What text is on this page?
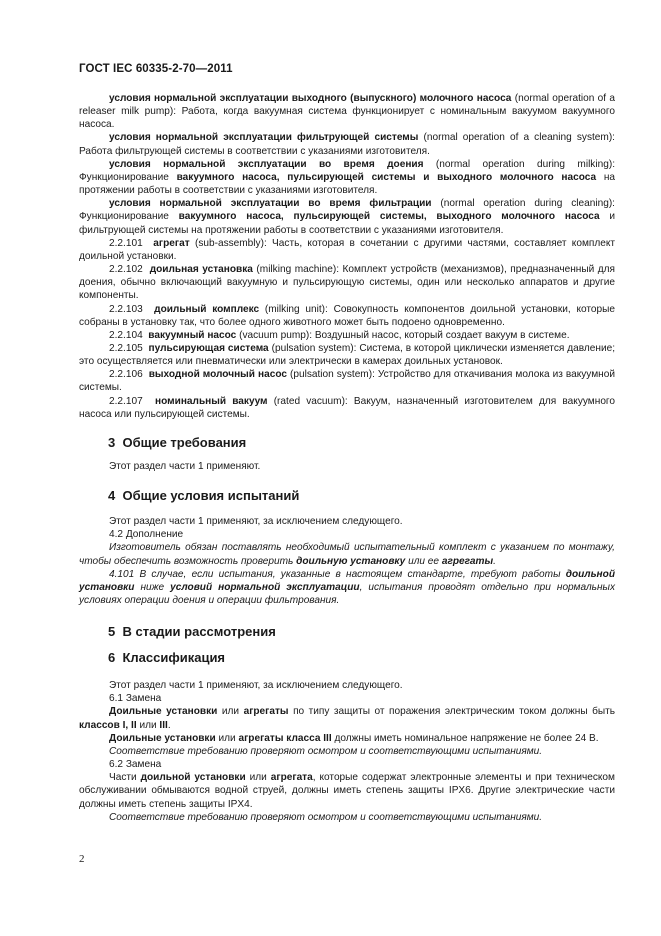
ГОСТ IEC 60335-2-70—2011

условия нормальной эксплуатации выходного (выпускного) молочного насоса (normal operation of a releaser milk pump): Работа, когда вакуумная система функционирует с номинальным вакуумом вакуумного насоса.

условия нормальной эксплуатации фильтрующей системы (normal operation of a cleaning system): Работа фильтрующей системы в соответствии с указаниями изготовителя.

условия нормальной эксплуатации во время доения (normal operation during milking): Функционирование вакуумного насоса, пульсирующей системы и выходного молочного насоса на протяжении работы в соответствии с указаниями изготовителя.

условия нормальной эксплуатации во время фильтрации (normal operation during cleaning): Функционирование вакуумного насоса, пульсирующей системы, выходного молочного насоса и фильтрующей системы на протяжении работы в соответствии с указаниями изготовителя.

2.2.101 агрегат (sub-assembly): Часть, которая в сочетании с другими частями, составляет комплект доильной установки.

2.2.102 доильная установка (milking machine): Комплект устройств (механизмов), предназначенный для доения, обычно включающий вакуумную и пульсирующую системы, один или несколько аппаратов и другие компоненты.

2.2.103 доильный комплекс (milking unit): Совокупность компонентов доильной установки, которые собраны в установку так, что более одного животного может быть подоено одновременно.

2.2.104 вакуумный насос (vacuum pump): Воздушный насос, который создает вакуум в системе.

2.2.105 пульсирующая система (pulsation system): Система, в которой циклически изменяется давление; это осуществляется или пневматически или электрически в камерах доильных установок.

2.2.106 выходной молочный насос (pulsation system): Устройство для откачивания молока из вакуумной системы.

2.2.107 номинальный вакуум (rated vacuum): Вакуум, назначенный изготовителем для вакуумного насоса или пульсирующей системы.

3 Общие требования

Этот раздел части 1 применяют.

4 Общие условия испытаний

Этот раздел части 1 применяют, за исключением следующего.

4.2 Дополнение

Изготовитель обязан поставлять необходимый испытательный комплект с указанием по монтажу, чтобы обеспечить возможность проверить доильную установку или ее агрегаты.

4.101 В случае, если испытания, указанные в настоящем стандарте, требуют работы доильной установки ниже условий нормальной эксплуатации, испытания проводят отдельно при нормальных условиях операции доения и операции фильтрования.

5 В стадии рассмотрения
6 Классификация

Этот раздел части 1 применяют, за исключением следующего.

6.1 Замена

Доильные установки или агрегаты по типу защиты от поражения электрическим током должны быть классов I, II или III.

Доильные установки или агрегаты класса III должны иметь номинальное напряжение не более 24 В.

Соответствие требованию проверяют осмотром и соответствующими испытаниями.

6.2 Замена

Части доильной установки или агрегата, которые содержат электронные элементы и при техническом обслуживании обмываются водной струей, должны иметь степень защиты IPX6. Другие электрические части должны иметь степень защиты IPX4.

Соответствие требованию проверяют осмотром и соответствующими испытаниями.

2
